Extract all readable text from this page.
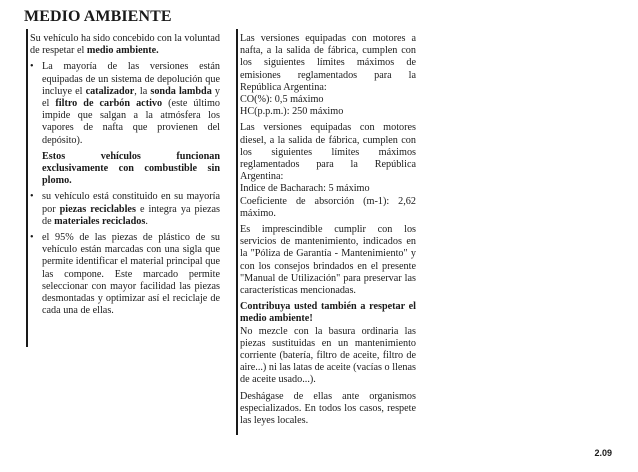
MEDIO AMBIENTE

Su vehículo ha sido concebido con la voluntad de respetar el medio ambiente.

• La mayoría de las versiones están equipadas de un sistema de depolución que incluye el catalizador, la sonda lambda y el filtro de carbón activo (este último impide que salgan a la atmósfera los vapores de nafta que provienen del depósito).

Estos vehículos funcionan exclusivamente con combustible sin plomo.

• su vehículo está constituido en su mayoría por piezas reciclables e integra ya piezas de materiales reciclados.
• el 95% de las piezas de plástico de su vehículo están marcadas con una sigla que permite identificar el material principal que las compone. Este marcado permite seleccionar con mayor facilidad las piezas desmontadas y optimizar así el reciclaje de cada una de ellas.

Las versiones equipadas con motores a nafta, a la salida de fábrica, cumplen con los siguientes límites máximos de emisiones reglamentados para la República Argentina:

CO(%): 0,5 máximo

HC(p.p.m.): 250 máximo

Las versiones equipadas con motores diesel, a la salida de fábrica, cumplen con los siguientes límites máximos reglamentados para la República Argentina:

Indice de Bacharach: 5 máximo

Coeficiente de absorción (m-1): 2,62 máximo.

Es imprescindible cumplir con los servicios de mantenimiento, indicados en la "Póliza de Garantía - Mantenimiento" y con los consejos brindados en el presente "Manual de Utilización" para preservar las características mencionadas.

Contribuya usted también a respetar el medio ambiente!

No mezcle con la basura ordinaria las piezas sustituidas en un mantenimiento corriente (batería, filtro de aceite, filtro de aire...) ni las latas de aceite (vacías o llenas de aceite usado...).

Deshágase de ellas ante organismos especializados. En todos los casos, respete las leyes locales.

2.09
